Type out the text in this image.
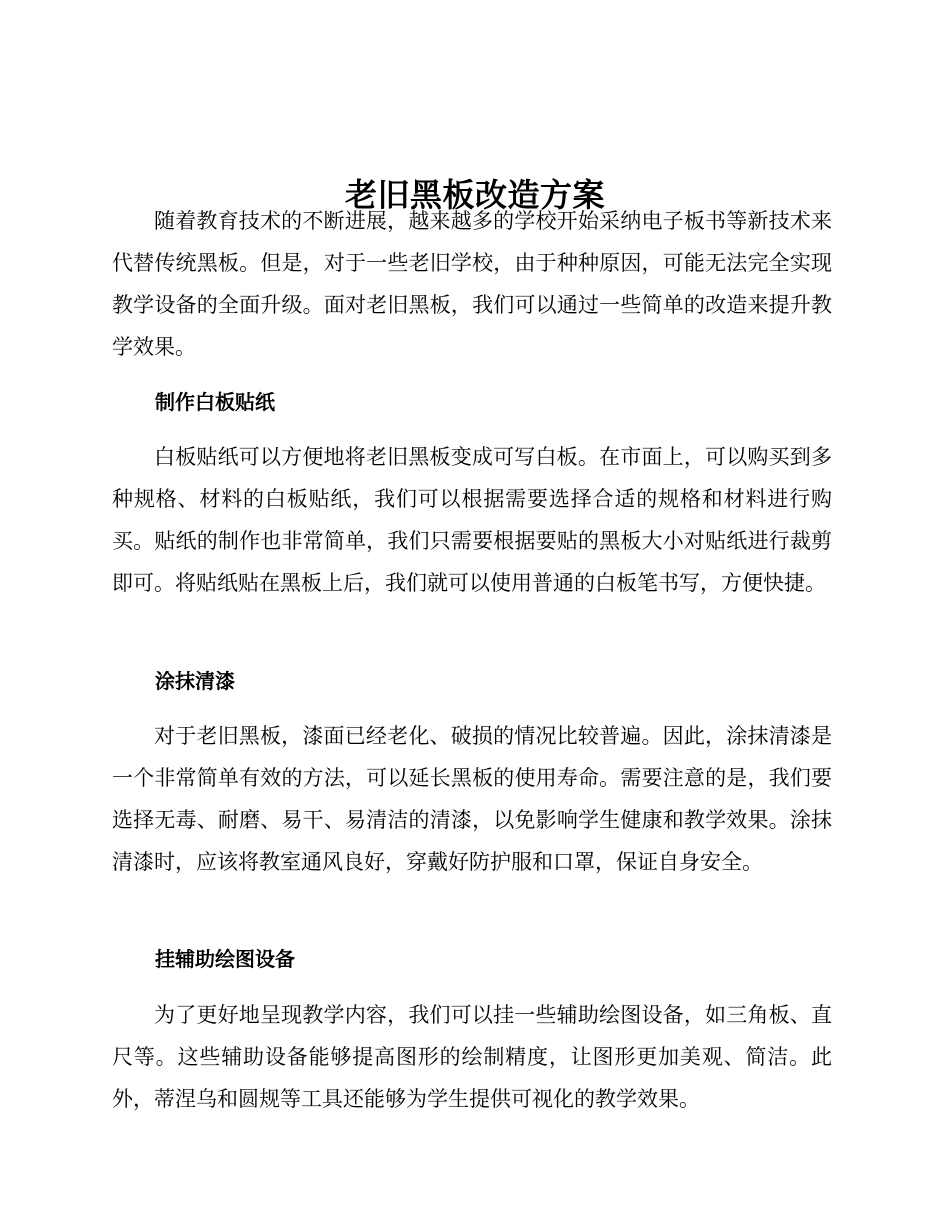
老旧黑板改造方案

随着教育技术的不断进展，越来越多的学校开始采纳电子板书等新技术来代替传统黑板。但是，对于一些老旧学校，由于种种原因，可能无法完全实现教学设备的全面升级。面对老旧黑板，我们可以通过一些简单的改造来提升教学效果。

制作白板贴纸

白板贴纸可以方便地将老旧黑板变成可写白板。在市面上，可以购买到多种规格、材料的白板贴纸，我们可以根据需要选择合适的规格和材料进行购买。贴纸的制作也非常简单，我们只需要根据要贴的黑板大小对贴纸进行裁剪即可。将贴纸贴在黑板上后，我们就可以使用普通的白板笔书写，方便快捷。

涂抹清漆

对于老旧黑板，漆面已经老化、破损的情况比较普遍。因此，涂抹清漆是一个非常简单有效的方法，可以延长黑板的使用寿命。需要注意的是，我们要选择无毒、耐磨、易干、易清洁的清漆，以免影响学生健康和教学效果。涂抹清漆时，应该将教室通风良好，穿戴好防护服和口罩，保证自身安全。

挂辅助绘图设备

为了更好地呈现教学内容，我们可以挂一些辅助绘图设备，如三角板、直尺等。这些辅助设备能够提高图形的绘制精度，让图形更加美观、简洁。此外，蒂涅乌和圆规等工具还能够为学生提供可视化的教学效果。
